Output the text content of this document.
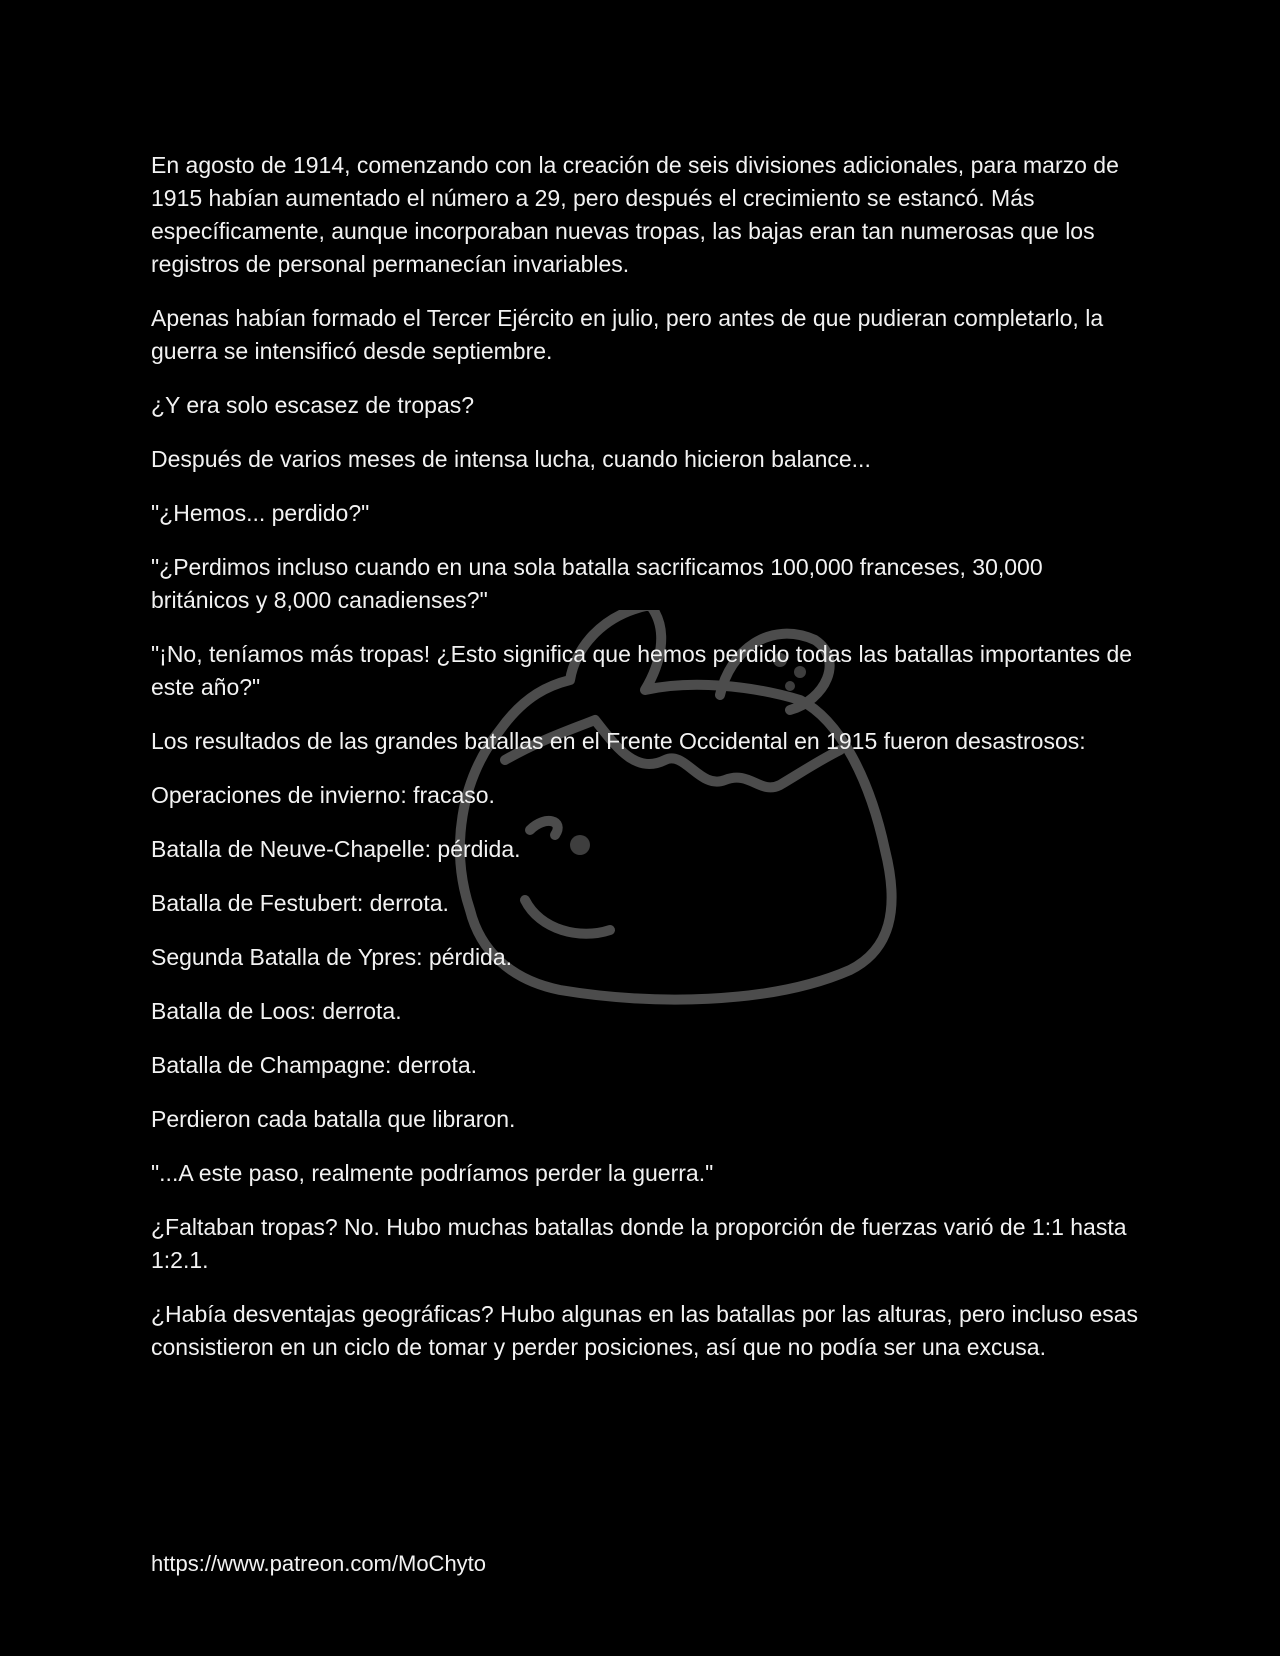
En agosto de 1914, comenzando con la creación de seis divisiones adicionales, para marzo de 1915 habían aumentado el número a 29, pero después el crecimiento se estancó. Más específicamente, aunque incorporaban nuevas tropas, las bajas eran tan numerosas que los registros de personal permanecían invariables.

Apenas habían formado el Tercer Ejército en julio, pero antes de que pudieran completarlo, la guerra se intensificó desde septiembre.

¿Y era solo escasez de tropas?

Después de varios meses de intensa lucha, cuando hicieron balance...

"¿Hemos... perdido?"

"¿Perdimos incluso cuando en una sola batalla sacrificamos 100,000 franceses, 30,000 británicos y 8,000 canadienses?"

"¡No, teníamos más tropas! ¿Esto significa que hemos perdido todas las batallas importantes de este año?"

Los resultados de las grandes batallas en el Frente Occidental en 1915 fueron desastrosos:

Operaciones de invierno: fracaso.

Batalla de Neuve-Chapelle: pérdida.

Batalla de Festubert: derrota.

Segunda Batalla de Ypres: pérdida.

Batalla de Loos: derrota.

Batalla de Champagne: derrota.

Perdieron cada batalla que libraron.

"...A este paso, realmente podríamos perder la guerra."

¿Faltaban tropas? No. Hubo muchas batallas donde la proporción de fuerzas varió de 1:1 hasta 1:2.1.

¿Había desventajas geográficas? Hubo algunas en las batallas por las alturas, pero incluso esas consistieron en un ciclo de tomar y perder posiciones, así que no podía ser una excusa.

https://www.patreon.com/MoChyto
